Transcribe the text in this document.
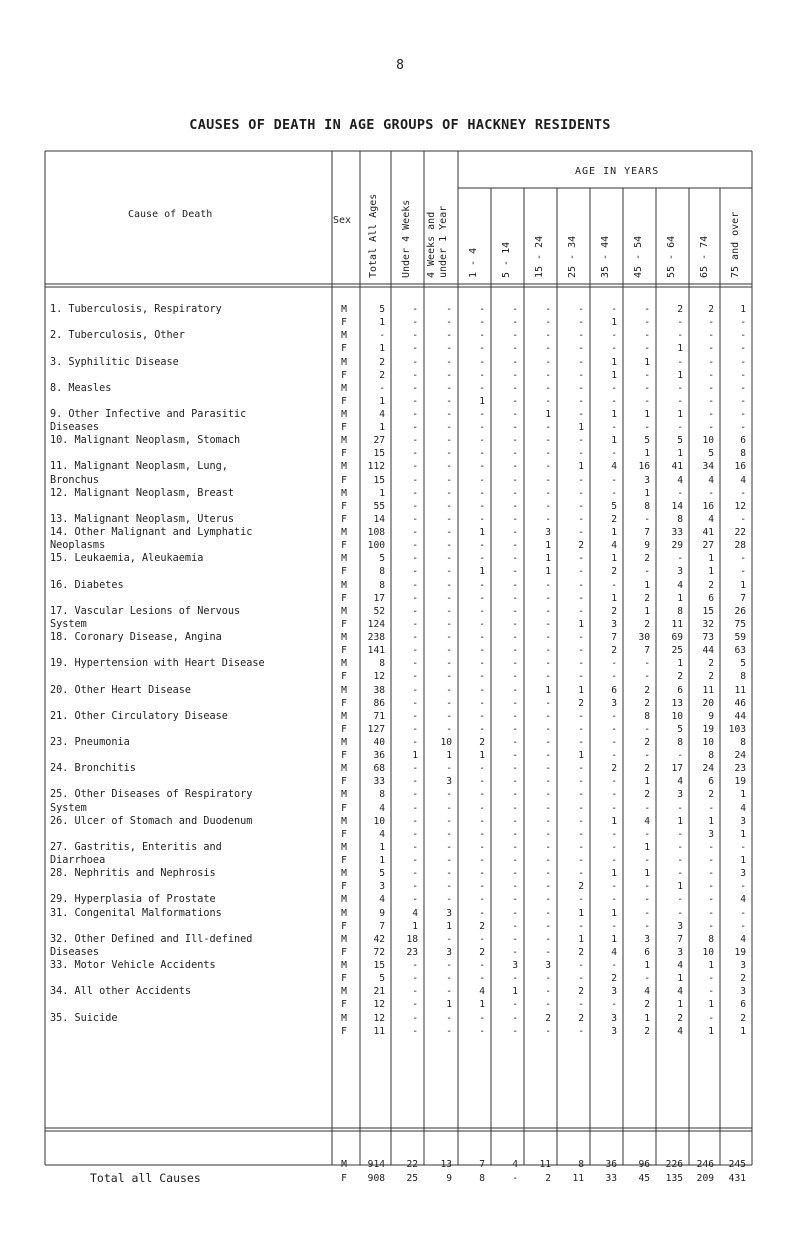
8
CAUSES OF DEATH IN AGE GROUPS OF HACKNEY RESIDENTS
Cause of Death
Sex
AGE IN YEARS
Total All Ages Under 4 Weeks 4 Weeks and under 1 Year 1 - 4 5 - 14 15 - 24 25 - 34 35 - 44 45 - 54 55 - 64 65 - 74 75 and over
1. Tuberculosis, Respiratory	M	5	-	-	-	-	-	-	-	-	2	2	1
F	1	-	-	-	-	-	-	1	-	-	-	-
2. Tuberculosis, Other	M	-	-	-	-	-	-	-	-	-	-	-	-
F	1	-	-	-	-	-	-	-	-	1	-	-
3. Syphilitic Disease	M	2	-	-	-	-	-	-	1	1	-	-	-
F	2	-	-	-	-	-	-	1	-	1	-	-
8. Measles	M	-	-	-	-	-	-	-	-	-	-	-	-
F	1	-	-	1	-	-	-	-	-	-	-	-
9. Other Infective and Parasitic	M	4	-	-	-	-	1	-	1	1	1	-	-
Diseases	F	1	-	-	-	-	-	1	-	-	-	-	-
10. Malignant Neoplasm, Stomach	M	27	-	-	-	-	-	-	1	5	5	10	6
F	15	-	-	-	-	-	-	-	1	1	5	8
11. Malignant Neoplasm, Lung,	M	112	-	-	-	-	-	1	4	16	41	34	16
Bronchus	F	15	-	-	-	-	-	-	-	3	4	4	4
12. Malignant Neoplasm, Breast	M	1	-	-	-	-	-	-	-	1	-	-	-
F	55	-	-	-	-	-	-	5	8	14	16	12
13. Malignant Neoplasm, Uterus	F	14	-	-	-	-	-	-	2	-	8	4	-
14. Other Malignant and Lymphatic	M	108	-	-	1	-	3	-	1	7	33	41	22
Neoplasms	F	100	-	-	-	-	1	2	4	9	29	27	28
15. Leukaemia, Aleukaemia	M	5	-	-	-	-	1	-	1	2	-	1	-
F	8	-	-	1	-	1	-	2	-	3	1	-
16. Diabetes	M	8	-	-	-	-	-	-	-	1	4	2	1
F	17	-	-	-	-	-	-	1	2	1	6	7
17. Vascular Lesions of Nervous	M	52	-	-	-	-	-	-	2	1	8	15	26
System	F	124	-	-	-	-	-	1	3	2	11	32	75
18. Coronary Disease, Angina	M	238	-	-	-	-	-	-	7	30	69	73	59
F	141	-	-	-	-	-	-	2	7	25	44	63
19. Hypertension with Heart Disease	M	8	-	-	-	-	-	-	-	-	1	2	5
F	12	-	-	-	-	-	-	-	-	2	2	8
20. Other Heart Disease	M	38	-	-	-	-	1	1	6	2	6	11	11
F	86	-	-	-	-	-	2	3	2	13	20	46
21. Other Circulatory Disease	M	71	-	-	-	-	-	-	-	8	10	9	44
F	127	-	-	-	-	-	-	-	-	5	19	103
23. Pneumonia	M	40	-	10	2	-	-	-	-	2	8	10	8
F	36	1	1	1	-	-	1	-	-	-	8	24
24. Bronchitis	M	68	-	-	-	-	-	-	2	2	17	24	23
F	33	-	3	-	-	-	-	-	1	4	6	19
25. Other Diseases of Respiratory	M	8	-	-	-	-	-	-	-	2	3	2	1
System	F	4	-	-	-	-	-	-	-	-	-	-	4
26. Ulcer of Stomach and Duodenum	M	10	-	-	-	-	-	-	1	4	1	1	3
F	4	-	-	-	-	-	-	-	-	-	3	1
27. Gastritis, Enteritis and	M	1	-	-	-	-	-	-	-	1	-	-	-
Diarrhoea	F	1	-	-	-	-	-	-	-	-	-	-	1
28. Nephritis and Nephrosis	M	5	-	-	-	-	-	-	1	1	-	-	3
F	3	-	-	-	-	-	2	-	-	1	-	-
29. Hyperplasia of Prostate	M	4	-	-	-	-	-	-	-	-	-	-	4
31. Congenital Malformations	M	9	4	3	-	-	-	1	1	-	-	-	-
F	7	1	1	2	-	-	-	-	-	3	-	-
32. Other Defined and Ill-defined	M	42	18	-	-	-	-	1	1	3	7	8	4
Diseases	F	72	23	3	2	-	-	2	4	6	3	10	19
33. Motor Vehicle Accidents	M	15	-	-	-	3	3	-	-	1	4	1	3
F	5	-	-	-	-	-	-	2	-	1	-	2
34. All other Accidents	M	21	-	-	4	1	-	2	3	4	4	-	3
F	12	-	1	1	-	-	-	-	2	1	1	6
35. Suicide	M	12	-	-	-	-	2	2	3	1	2	-	2
F	11	-	-	-	-	-	-	3	2	4	1	1
M	914	22	13	7	4	11	8	36	96	226	246	245
F	908	25	9	8	-	2	11	33	45	135	209	431
Total all Causes
